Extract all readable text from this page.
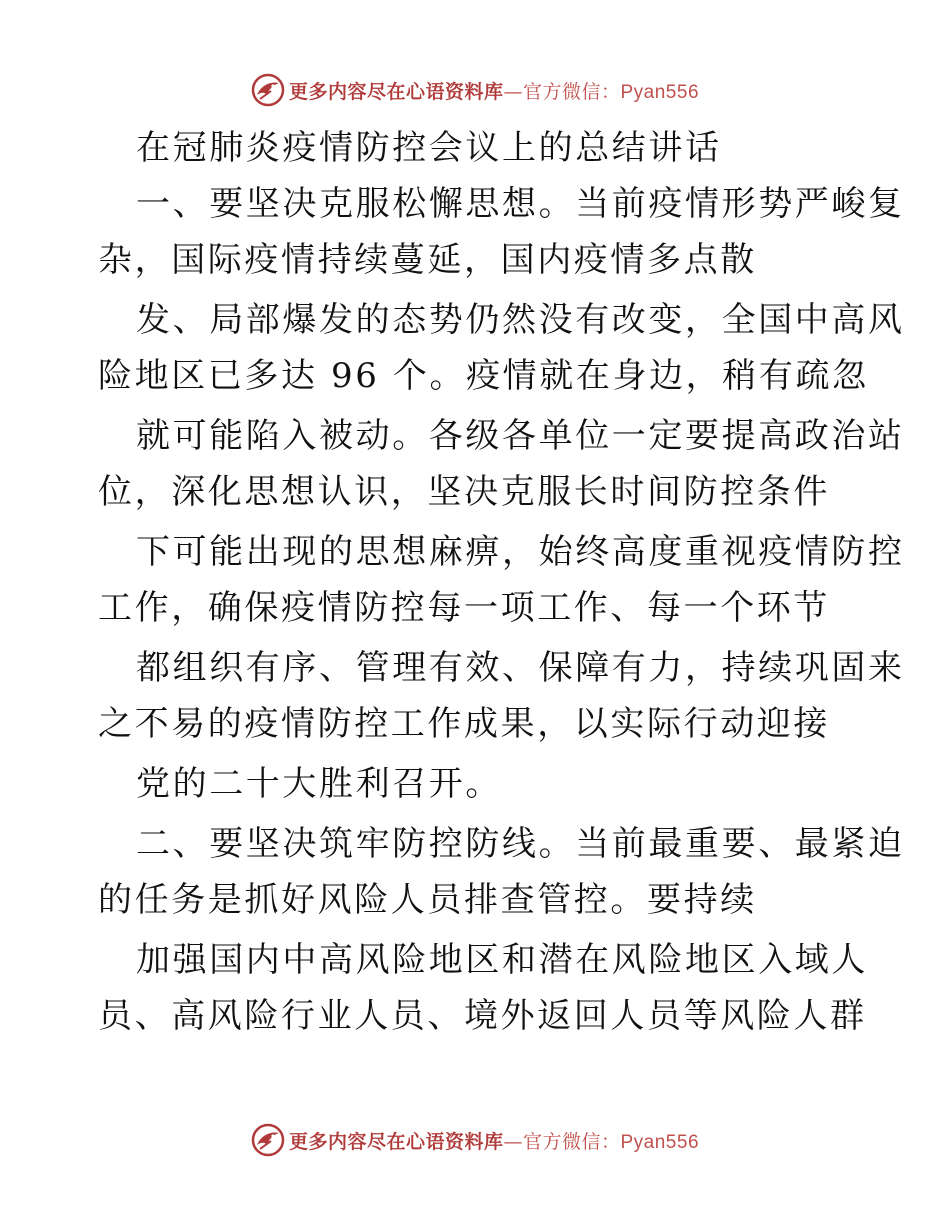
更多内容尽在心语资料库—官方微信：Pyan556
在冠肺炎疫情防控会议上的总结讲话
一、要坚决克服松懈思想。当前疫情形势严峻复
杂，国际疫情持续蔓延，国内疫情多点散
发、局部爆发的态势仍然没有改变，全国中高风
险地区已多达 96 个。疫情就在身边，稍有疏忽
就可能陷入被动。各级各单位一定要提高政治站
位，深化思想认识，坚决克服长时间防控条件
下可能出现的思想麻痹，始终高度重视疫情防控
工作，确保疫情防控每一项工作、每一个环节
都组织有序、管理有效、保障有力，持续巩固来
之不易的疫情防控工作成果，以实际行动迎接
党的二十大胜利召开。
二、要坚决筑牢防控防线。当前最重要、最紧迫
的任务是抓好风险人员排查管控。要持续
加强国内中高风险地区和潜在风险地区入域人
员、高风险行业人员、境外返回人员等风险人群
更多内容尽在心语资料库—官方微信：Pyan556
